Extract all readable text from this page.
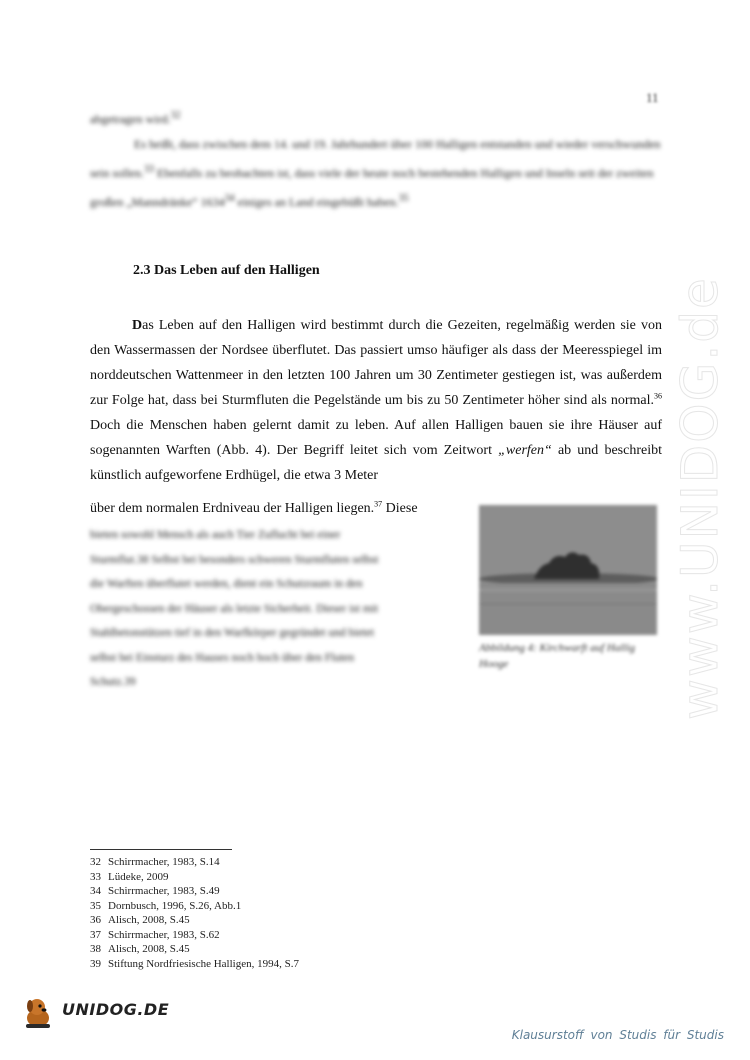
11

abgetragen wird.$^{32}$

Es heißt, dass zwischen dem 14. und 19. Jahrhundert über 100 Halligen entstanden und wieder verschwunden sein sollen.$^{33}$ Ebenfalls zu beobachten ist, dass viele der heute noch bestehenden Halligen und Inseln seit der zweiten großen „Manndränke“ 1634$^{34}$ einiges an Land eingebüßt haben.$^{35}$

2.3 Das Leben auf den Halligen

Das Leben auf den Halligen wird bestimmt durch die Gezeiten, regelmäßig werden sie von den Wassermassen der Nordsee überflutet. Das passiert umso häufiger als dass der Meeresspiegel im norddeutschen Wattenmeer in den letzten 100 Jahren um 30 Zentimeter gestiegen ist, was außerdem zur Folge hat, dass bei Sturmfluten die Pegelstände um bis zu 50 Zentimeter höher sind als normal.$^{36}$ Doch die Menschen haben gelernt damit zu leben. Auf allen Halligen bauen sie ihre Häuser auf sogenannten Warften (Abb. 4). Der Begriff leitet sich vom Zeitwort „werfen“ ab und beschreibt künstlich aufgeworfene Erdhügel, die etwa 3 Meter

über dem normalen Erdniveau der Halligen liegen.$^{37}$ Diese

bieten sowohl Mensch als auch Tier Zuflucht bei einer

Sturmflut.38 Selbst bei besonders schweren Sturmfluten selbst

die Warften überflutet werden, dient ein Schutzraum in den

Obergeschossen der Häuser als letzte Sicherheit. Dieser ist mit

Stahlbetonstützen tief in den Warfkörper gegründet und bietet

selbst bei Einsturz des Hauses noch hoch über den Fluten

Schutz.39

Abbildung 4: Kirchwarft auf Hallig Hooge
32 Schirrmacher, 1983, S.14
33 Lüdeke, 2009
34 Schirrmacher, 1983, S.49
35 Dornbusch, 1996, S.26, Abb.1
36 Alisch, 2008, S.45
37 Schirrmacher, 1983, S.62
38 Alisch, 2008, S.45
39 Stiftung Nordfriesische Halligen, 1994, S.7
www.UNIDOG.de
UNIDOG.DE
Klausurstoff von Studis für Studis
